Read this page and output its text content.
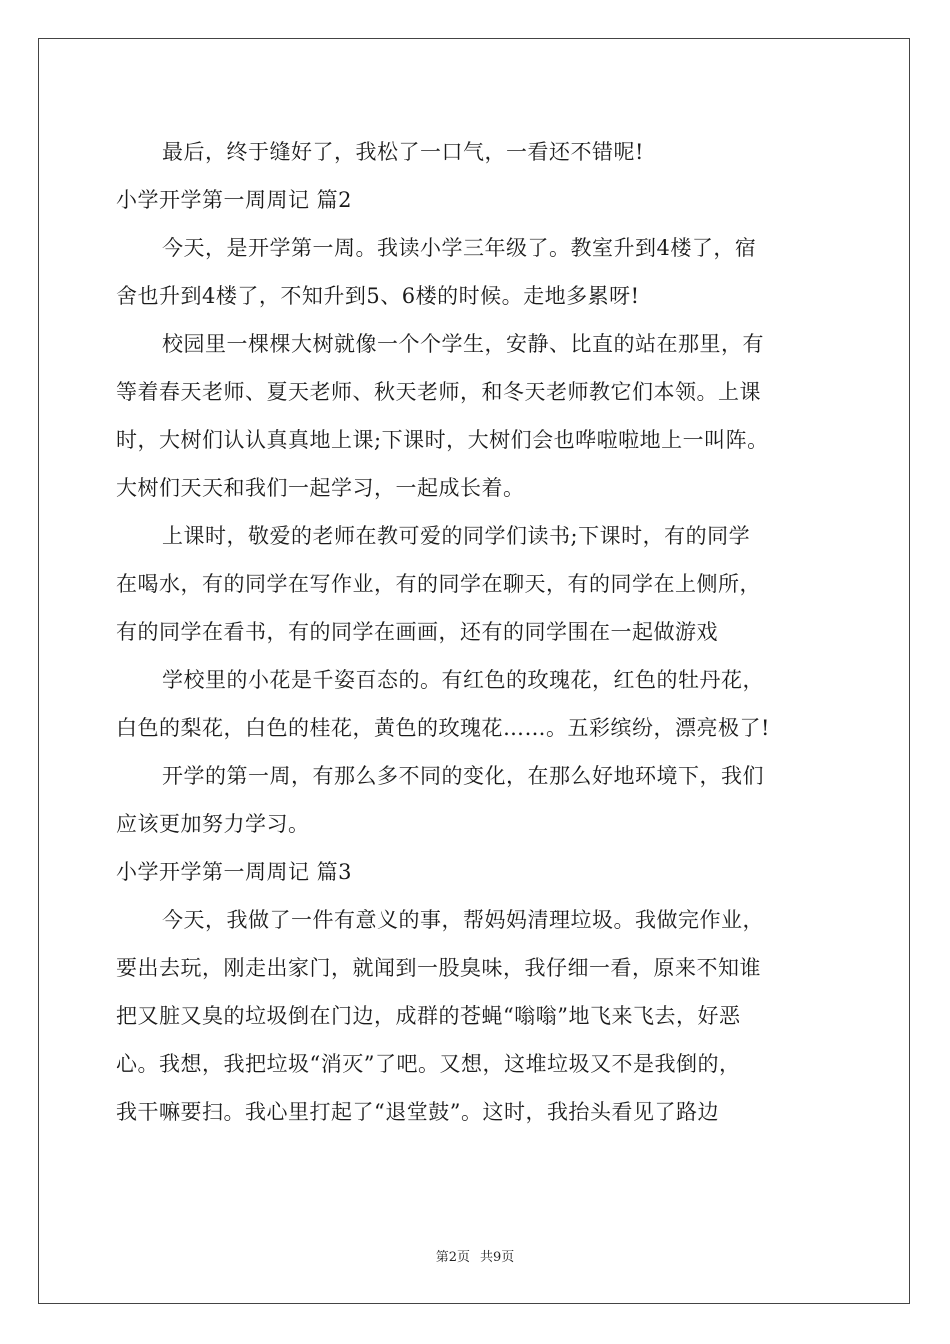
最后，终于缝好了，我松了一口气，一看还不错呢!
小学开学第一周周记 篇2
今天，是开学第一周。我读小学三年级了。教室升到4楼了，宿
舍也升到4楼了，不知升到5、6楼的时候。走地多累呀!
校园里一棵棵大树就像一个个学生，安静、比直的站在那里，有
等着春天老师、夏天老师、秋天老师，和冬天老师教它们本领。上课
时，大树们认认真真地上课;下课时，大树们会也哗啦啦地上一叫阵。
大树们天天和我们一起学习，一起成长着。
上课时，敬爱的老师在教可爱的同学们读书;下课时，有的同学
在喝水，有的同学在写作业，有的同学在聊天，有的同学在上侧所，
有的同学在看书，有的同学在画画，还有的同学围在一起做游戏
学校里的小花是千姿百态的。有红色的玫瑰花，红色的牡丹花，
白色的梨花，白色的桂花，黄色的玫瑰花……。五彩缤纷，漂亮极了!
开学的第一周，有那么多不同的变化，在那么好地环境下，我们
应该更加努力学习。
小学开学第一周周记 篇3
今天，我做了一件有意义的事，帮妈妈清理垃圾。我做完作业，
要出去玩，刚走出家门，就闻到一股臭味，我仔细一看，原来不知谁
把又脏又臭的垃圾倒在门边，成群的苍蝇“嗡嗡”地飞来飞去，好恶
心。我想，我把垃圾“消灭”了吧。又想，这堆垃圾又不是我倒的，
我干嘛要扫。我心里打起了“退堂鼓”。这时，我抬头看见了路边
第2页 共9页
